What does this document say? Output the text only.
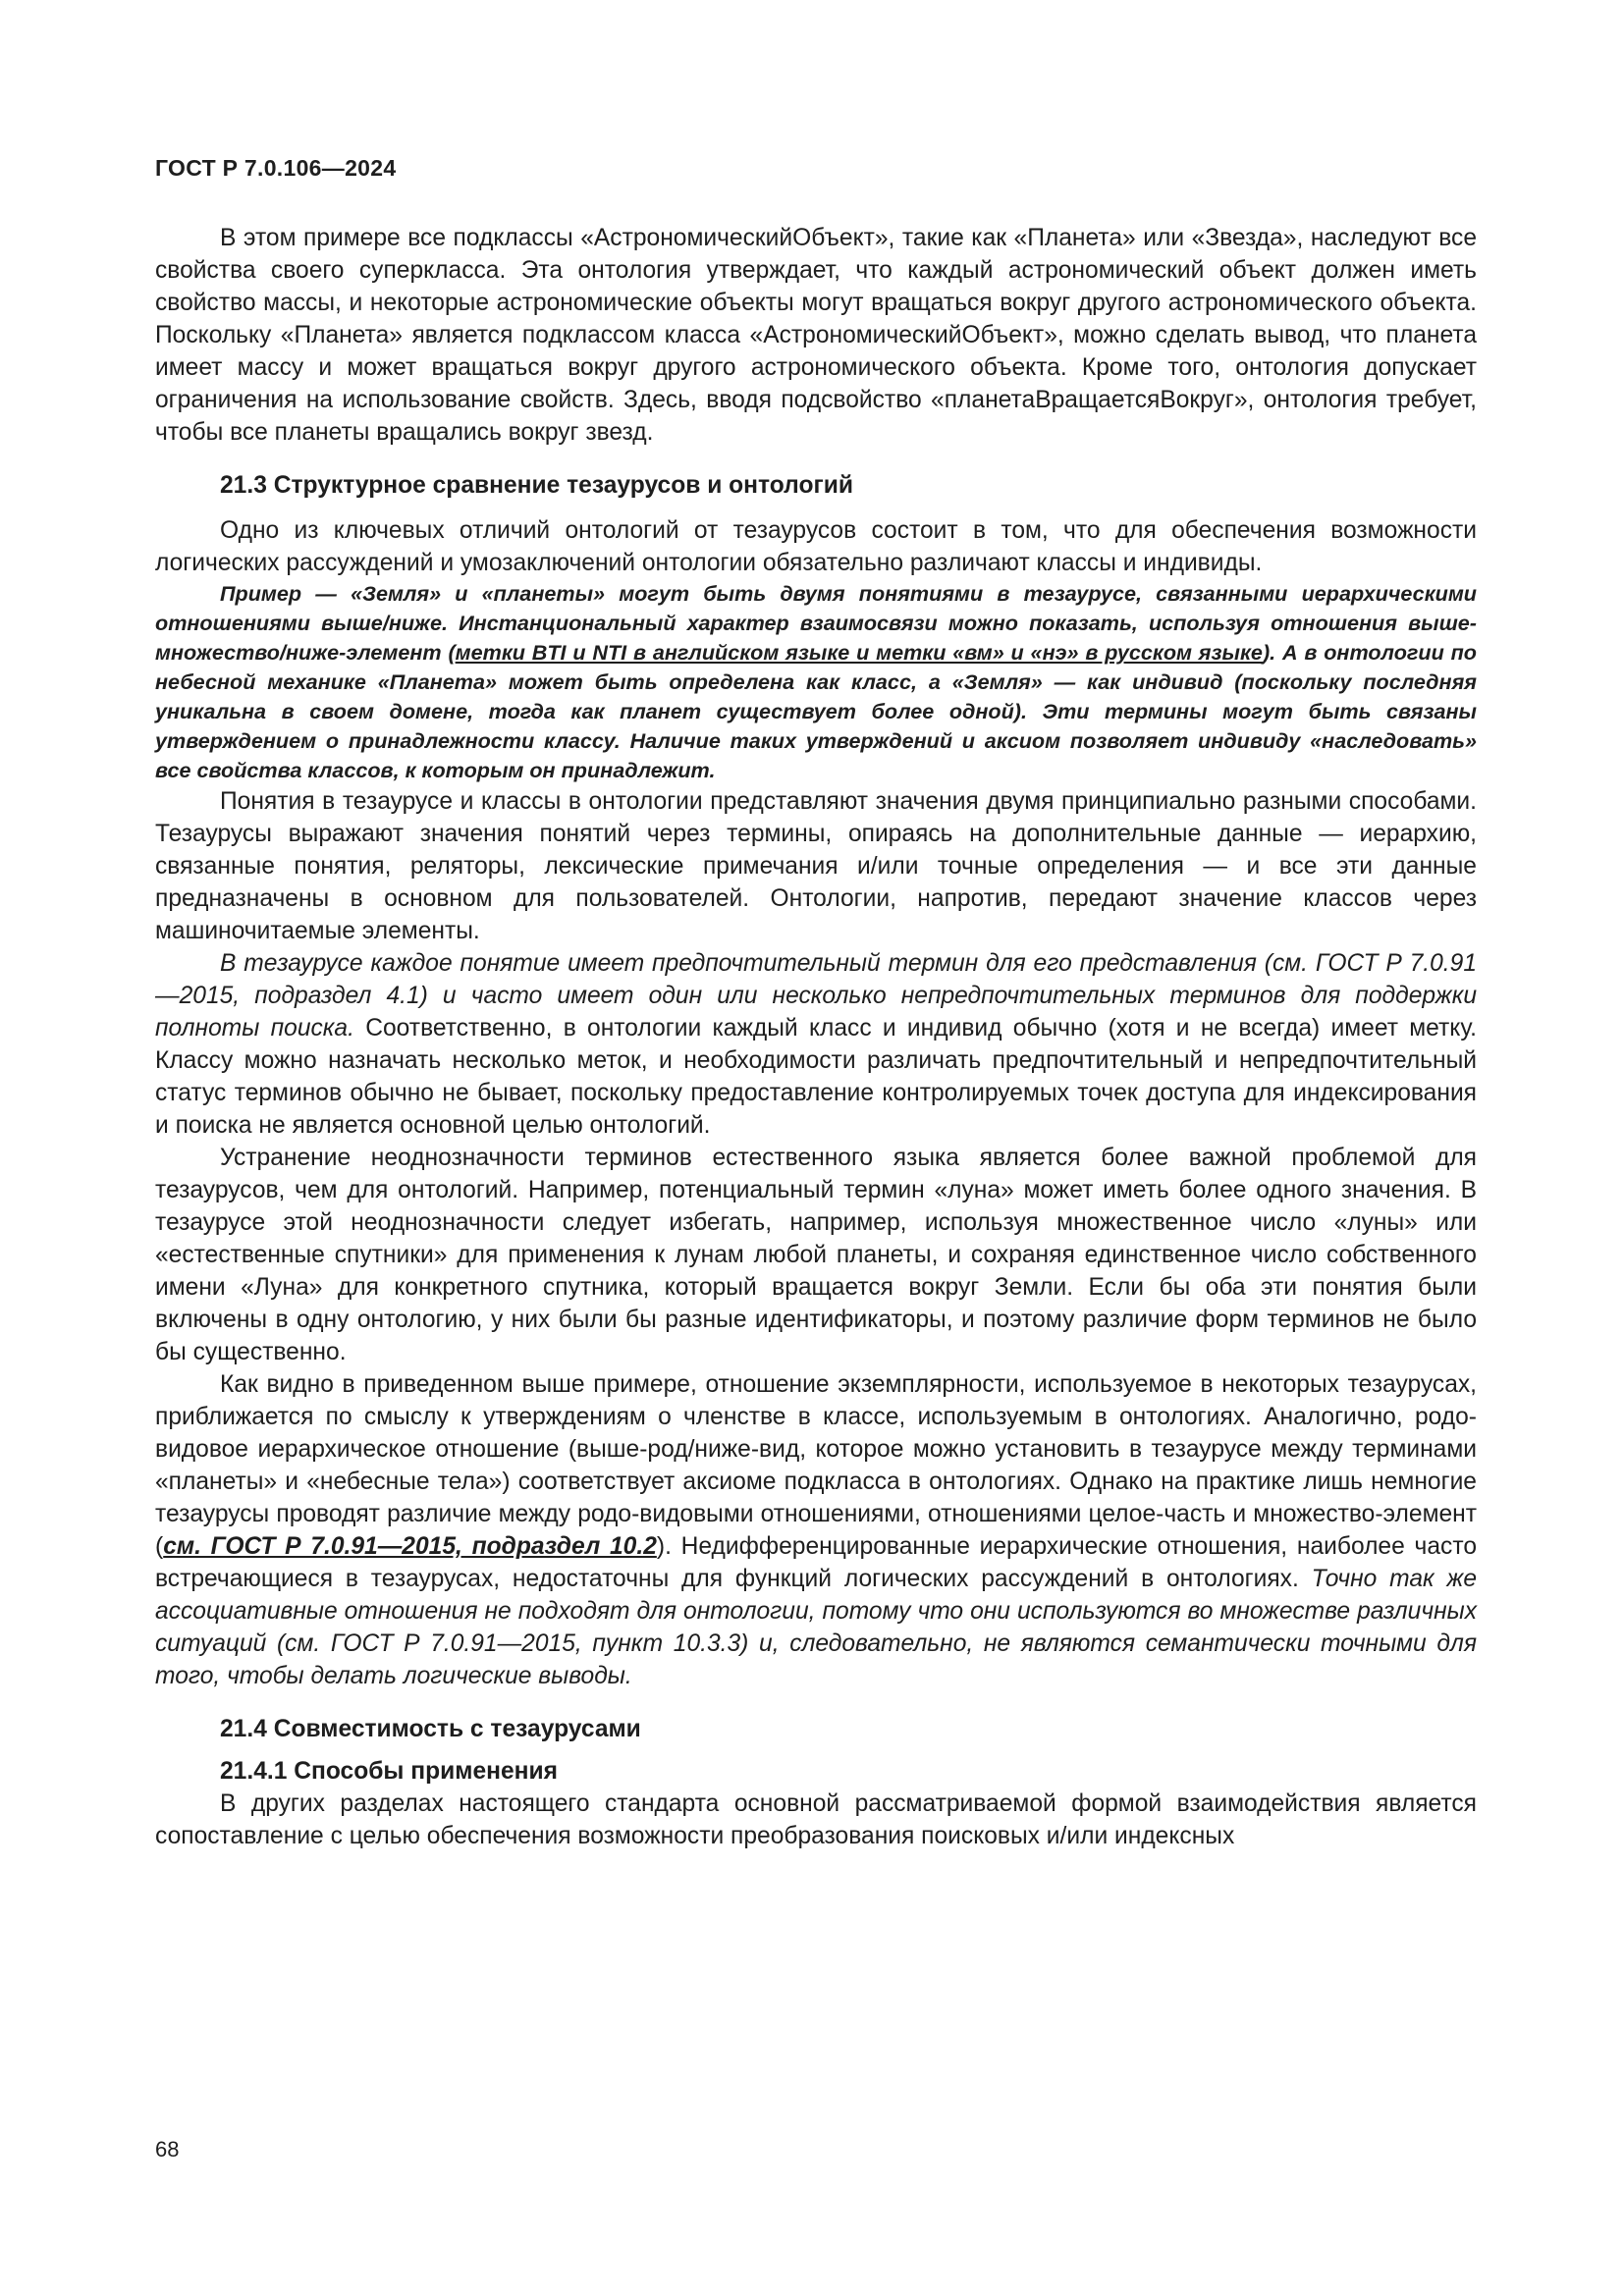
ГОСТ Р 7.0.106—2024

В этом примере все подклассы «АстрономическийОбъект», такие как «Планета» или «Звезда», наследуют все свойства своего суперкласса. Эта онтология утверждает, что каждый астрономический объект должен иметь свойство массы, и некоторые астрономические объекты могут вращаться вокруг другого астрономического объекта. Поскольку «Планета» является подклассом класса «АстрономическийОбъект», можно сделать вывод, что планета имеет массу и может вращаться вокруг другого астрономического объекта. Кроме того, онтология допускает ограничения на использование свойств. Здесь, вводя подсвойство «планетаВращаетсяВокруг», онтология требует, чтобы все планеты вращались вокруг звезд.

21.3 Структурное сравнение тезаурусов и онтологий

Одно из ключевых отличий онтологий от тезаурусов состоит в том, что для обеспечения возможности логических рассуждений и умозаключений онтологии обязательно различают классы и индивиды.

Пример — «Земля» и «планеты» могут быть двумя понятиями в тезаурусе, связанными иерархическими отношениями выше/ниже. Инстанциональный характер взаимосвязи можно показать, используя отношения выше-множество/ниже-элемент (метки BTI и NTI в английском языке и метки «вм» и «нэ» в русском языке). А в онтологии по небесной механике «Планета» может быть определена как класс, а «Земля» — как индивид (поскольку последняя уникальна в своем домене, тогда как планет существует более одной). Эти термины могут быть связаны утверждением о принадлежности классу. Наличие таких утверждений и аксиом позволяет индивиду «наследовать» все свойства классов, к которым он принадлежит.

Понятия в тезаурусе и классы в онтологии представляют значения двумя принципиально разными способами. Тезаурусы выражают значения понятий через термины, опираясь на дополнительные данные — иерархию, связанные понятия, реляторы, лексические примечания и/или точные определения — и все эти данные предназначены в основном для пользователей. Онтологии, напротив, передают значение классов через машиночитаемые элементы.

В тезаурусе каждое понятие имеет предпочтительный термин для его представления (см. ГОСТ Р 7.0.91—2015, подраздел 4.1) и часто имеет один или несколько непредпочтительных терминов для поддержки полноты поиска. Соответственно, в онтологии каждый класс и индивид обычно (хотя и не всегда) имеет метку. Классу можно назначать несколько меток, и необходимости различать предпочтительный и непредпочтительный статус терминов обычно не бывает, поскольку предоставление контролируемых точек доступа для индексирования и поиска не является основной целью онтологий.

Устранение неоднозначности терминов естественного языка является более важной проблемой для тезаурусов, чем для онтологий. Например, потенциальный термин «луна» может иметь более одного значения. В тезаурусе этой неоднозначности следует избегать, например, используя множественное число «луны» или «естественные спутники» для применения к лунам любой планеты, и сохраняя единственное число собственного имени «Луна» для конкретного спутника, который вращается вокруг Земли. Если бы оба эти понятия были включены в одну онтологию, у них были бы разные идентификаторы, и поэтому различие форм терминов не было бы существенно.

Как видно в приведенном выше примере, отношение экземплярности, используемое в некоторых тезаурусах, приближается по смыслу к утверждениям о членстве в классе, используемым в онтологиях. Аналогично, родо-видовое иерархическое отношение (выше-род/ниже-вид, которое можно установить в тезаурусе между терминами «планеты» и «небесные тела») соответствует аксиоме подкласса в онтологиях. Однако на практике лишь немногие тезаурусы проводят различие между родо-видовыми отношениями, отношениями целое-часть и множество-элемент (см. ГОСТ Р 7.0.91—2015, подраздел 10.2). Недифференцированные иерархические отношения, наиболее часто встречающиеся в тезаурусах, недостаточны для функций логических рассуждений в онтологиях. Точно так же ассоциативные отношения не подходят для онтологии, потому что они используются во множестве различных ситуаций (см. ГОСТ Р 7.0.91—2015, пункт 10.3.3) и, следовательно, не являются семантически точными для того, чтобы делать логические выводы.

21.4 Совместимость с тезаурусами
21.4.1 Способы применения

В других разделах настоящего стандарта основной рассматриваемой формой взаимодействия является сопоставление с целью обеспечения возможности преобразования поисковых и/или индексных

68
